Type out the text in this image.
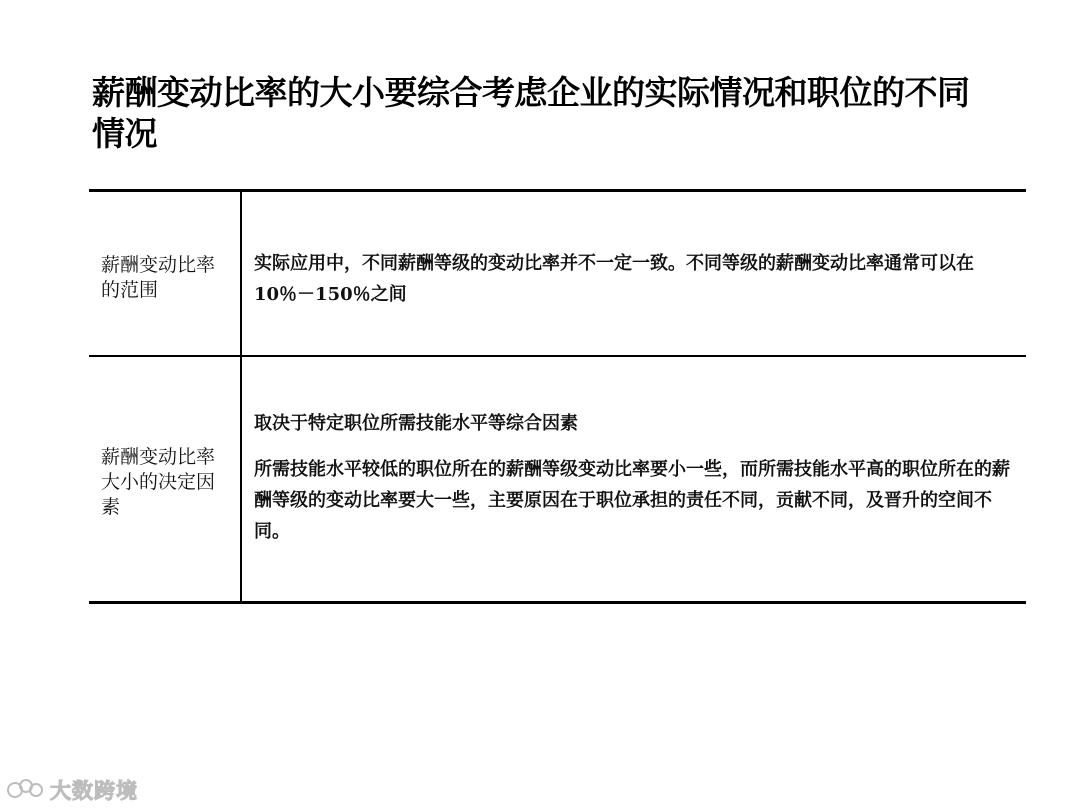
薪酬变动比率的大小要综合考虑企业的实际情况和职位的不同情况
薪酬变动比率的范围

实际应用中，不同薪酬等级的变动比率并不一定一致。不同等级的薪酬变动比率通常可以在10％－150％之间

薪酬变动比率大小的决定因素

取决于特定职位所需技能水平等综合因素

所需技能水平较低的职位所在的薪酬等级变动比率要小一些，而所需技能水平高的职位所在的薪酬等级的变动比率要大一些，主要原因在于职位承担的责任不同，贡献不同，及晋升的空间不同。

大数跨境
